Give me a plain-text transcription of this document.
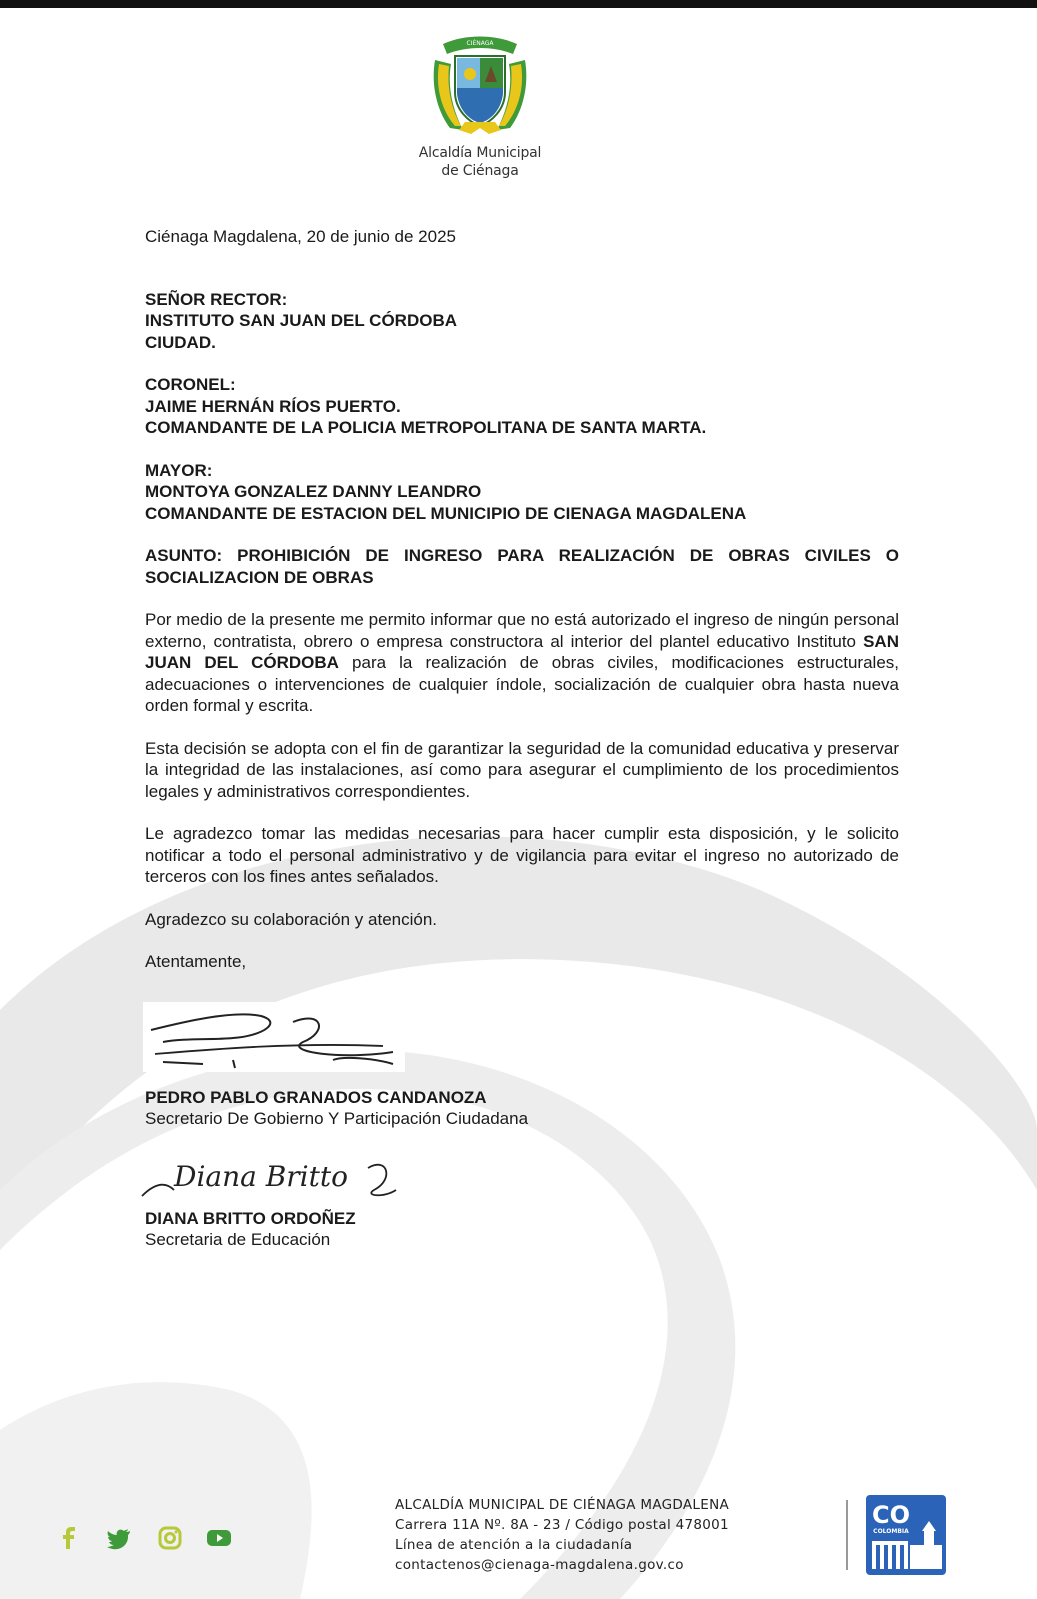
CIÉNAGA
Alcaldía Municipal
de Ciénaga
Ciénaga Magdalena, 20 de junio de 2025
SEÑOR RECTOR:
INSTITUTO SAN JUAN DEL CÓRDOBA
CIUDAD.
CORONEL:
JAIME HERNÁN RÍOS PUERTO.
COMANDANTE DE LA POLICIA METROPOLITANA DE SANTA MARTA.
MAYOR:
MONTOYA GONZALEZ DANNY LEANDRO
COMANDANTE DE ESTACION DEL MUNICIPIO DE CIENAGA MAGDALENA
ASUNTO: PROHIBICIÓN DE INGRESO PARA REALIZACIÓN DE OBRAS CIVILES O SOCIALIZACION DE OBRAS

Por medio de la presente me permito informar que no está autorizado el ingreso de ningún personal externo, contratista, obrero o empresa constructora al interior del plantel educativo Instituto SAN JUAN DEL CÓRDOBA para la realización de obras civiles, modificaciones estructurales, adecuaciones o intervenciones de cualquier índole, socialización de cualquier obra hasta nueva orden formal y escrita.

Esta decisión se adopta con el fin de garantizar la seguridad de la comunidad educativa y preservar la integridad de las instalaciones, así como para asegurar el cumplimiento de los procedimientos legales y administrativos correspondientes.

Le agradezco tomar las medidas necesarias para hacer cumplir esta disposición, y le solicito notificar a todo el personal administrativo y de vigilancia para evitar el ingreso no autorizado de terceros con los fines antes señalados.

Agradezco su colaboración y atención.

Atentamente,

PEDRO PABLO GRANADOS CANDANOZA
Secretario De Gobierno Y Participación Ciudadana
Diana Britto
DIANA BRITTO ORDOÑEZ
Secretaria de Educación
ALCALDÍA MUNICIPAL DE CIÉNAGA MAGDALENA
Carrera 11A Nº. 8A - 23 / Código postal 478001
Línea de atención a la ciudadanía
contactenos@cienaga-magdalena.gov.co
CO
COLOMBIA
